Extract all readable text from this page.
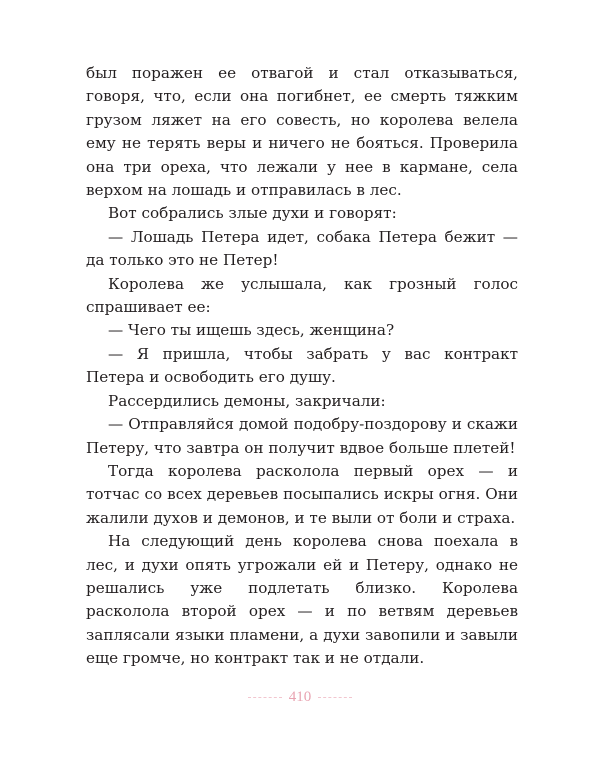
был поражен ее отвагой и стал отказываться, говоря, что, если она погибнет, ее смерть тяжким грузом ляжет на его совесть, но королева велела ему не терять веры и ничего не бояться. Проверила она три ореха, что лежали у нее в кармане, села верхом на лошадь и отправилась в лес.

Вот собрались злые духи и говорят:

— Лошадь Петера идет, собака Петера бежит — да только это не Петер!

Королева же услышала, как грозный голос спрашивает ее:

— Чего ты ищешь здесь, женщина?

— Я пришла, чтобы забрать у вас контракт Петера и освободить его душу.

Рассердились демоны, закричали:

— Отправляйся домой подобру-поздорову и скажи Петеру, что завтра он получит вдвое больше плетей!

Тогда королева расколола первый орех — и тотчас со всех деревьев посыпались искры огня. Они жалили духов и демонов, и те выли от боли и страха.

На следующий день королева снова поехала в лес, и духи опять угрожали ей и Петеру, однако не решались уже подлетать близко. Королева расколола второй орех — и по ветвям деревьев заплясали языки пламени, а духи завопили и завыли еще громче, но контракт так и не отдали.

410
